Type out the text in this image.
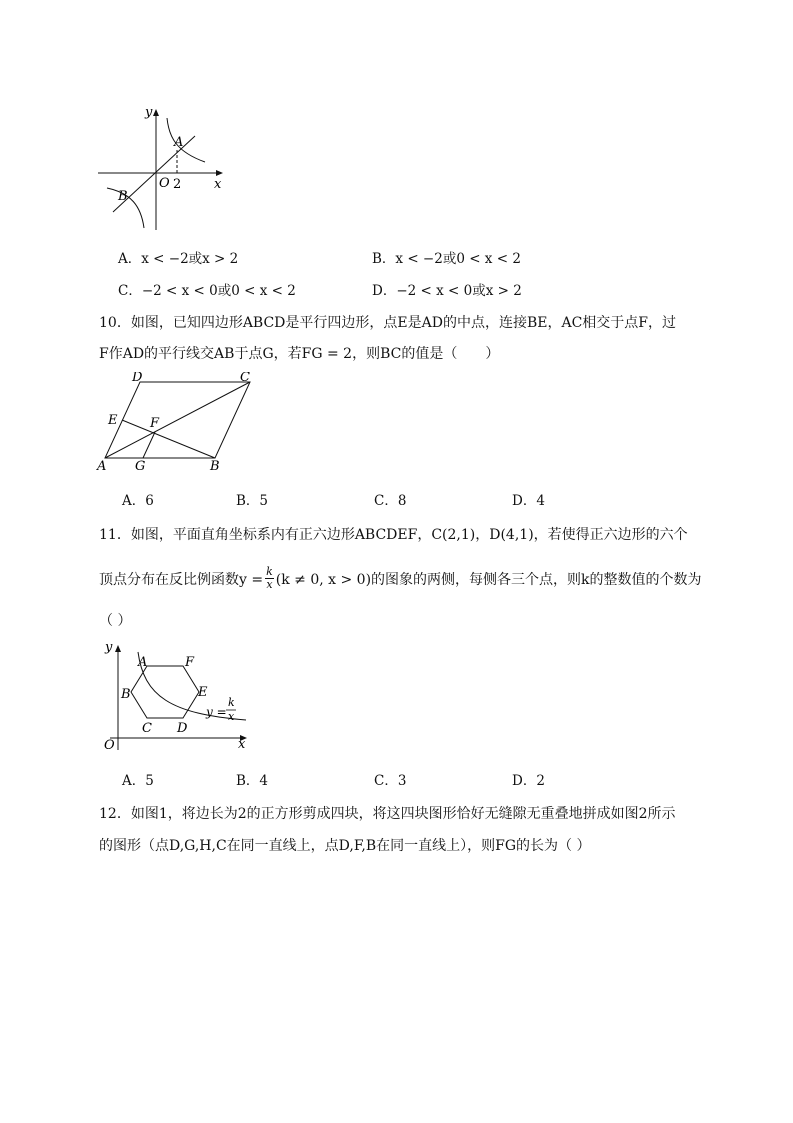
y
x
O
A
B
2
A．x < −2或x > 2	B．x < −2或0 < x < 2
C．−2 < x < 0或0 < x < 2	D．−2 < x < 0或x > 2
10．如图，已知四边形ABCD是平行四边形，点E是AD的中点，连接BE，AC相交于点F，过
F作AD的平行线交AB于点G，若FG = 2，则BC的值是（　　）
D	C
E	F
A G	B
A．6	B．5	C．8	D．4
11．如图，平面直角坐标系内有正六边形ABCDEF，C(2,1)，D(4,1)，若使得正六边形的六个
顶点分布在反比例函数$y = \frac{k}{x} (k \ne 0$, x > 0)的图象的两侧，每侧各三个点，则k的整数值的个数为
（ ）
y
x
O
A	F
B	E
C D
y =
k
x
A．5	B．4	C．3	D．2
12．如图1，将边长为2的正方形剪成四块，将这四块图形恰好无缝隙无重叠地拼成如图2所示
的图形（点D,G,H,C在同一直线上，点D,F,B在同一直线上），则FG的长为（ ）
